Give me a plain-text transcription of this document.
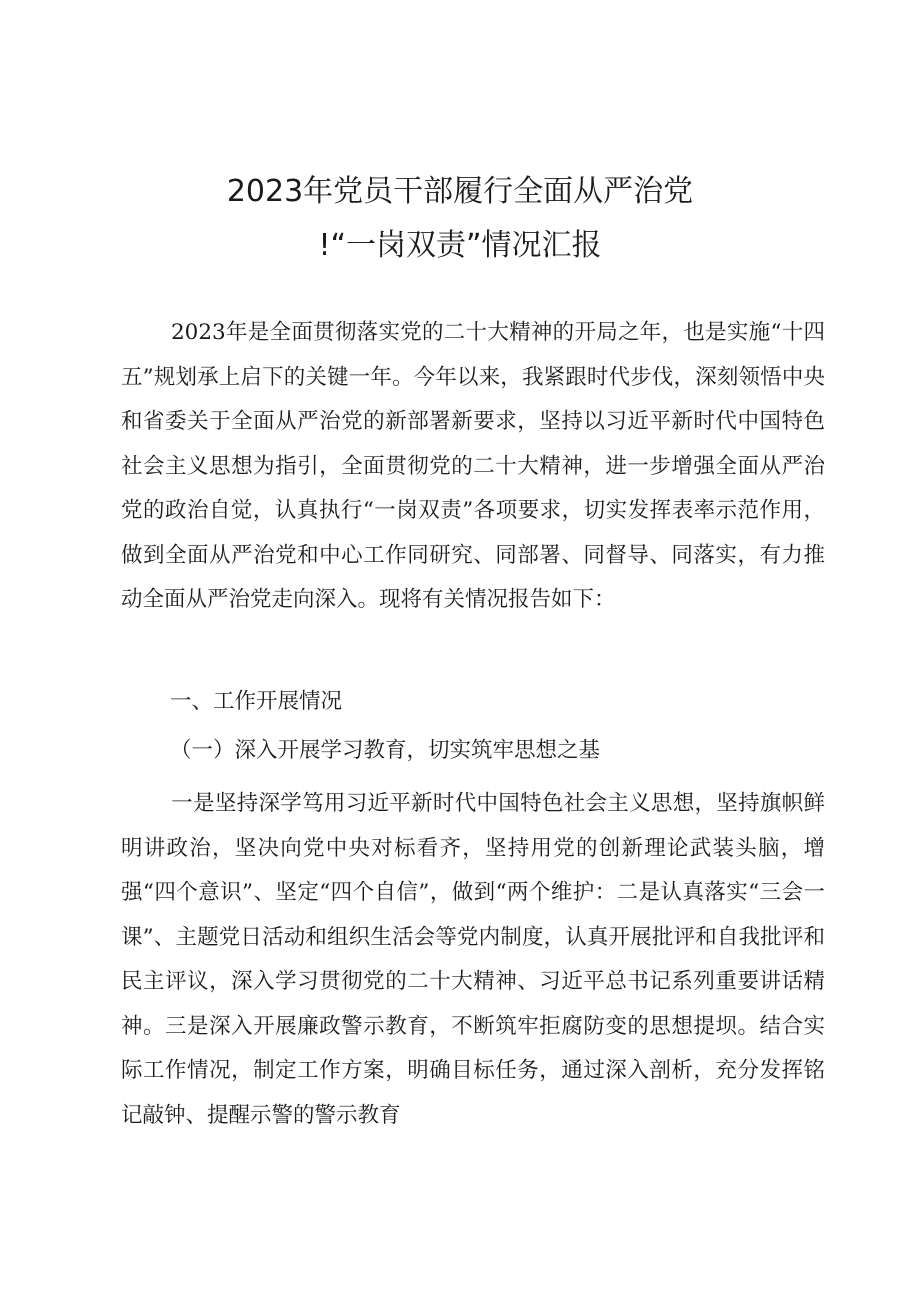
2023年党员干部履行全面从严治党
!“一岗双责”情况汇报
2023年是全面贯彻落实党的二十大精神的开局之年，也是实施“十四五”规划承上启下的关键一年。今年以来，我紧跟时代步伐，深刻领悟中央和省委关于全面从严治党的新部署新要求，坚持以习近平新时代中国特色社会主义思想为指引，全面贯彻党的二十大精神，进一步增强全面从严治党的政治自觉，认真执行“一岗双责”各项要求，切实发挥表率示范作用，做到全面从严治党和中心工作同研究、同部署、同督导、同落实，有力推动全面从严治党走向深入。现将有关情况报告如下：
一、工作开展情况
（一）深入开展学习教育，切实筑牢思想之基
一是坚持深学笃用习近平新时代中国特色社会主义思想，坚持旗帜鲜明讲政治，坚决向党中央对标看齐，坚持用党的创新理论武装头脑，增强“四个意识”、坚定“四个自信”，做到“两个维护：二是认真落实“三会一课”、主题党日活动和组织生活会等党内制度，认真开展批评和自我批评和民主评议，深入学习贯彻党的二十大精神、习近平总书记系列重要讲话精神。三是深入开展廉政警示教育，不断筑牢拒腐防变的思想提坝。结合实际工作情况，制定工作方案，明确目标任务，通过深入剖析，充分发挥铭记敲钟、提醒示警的警示教育
